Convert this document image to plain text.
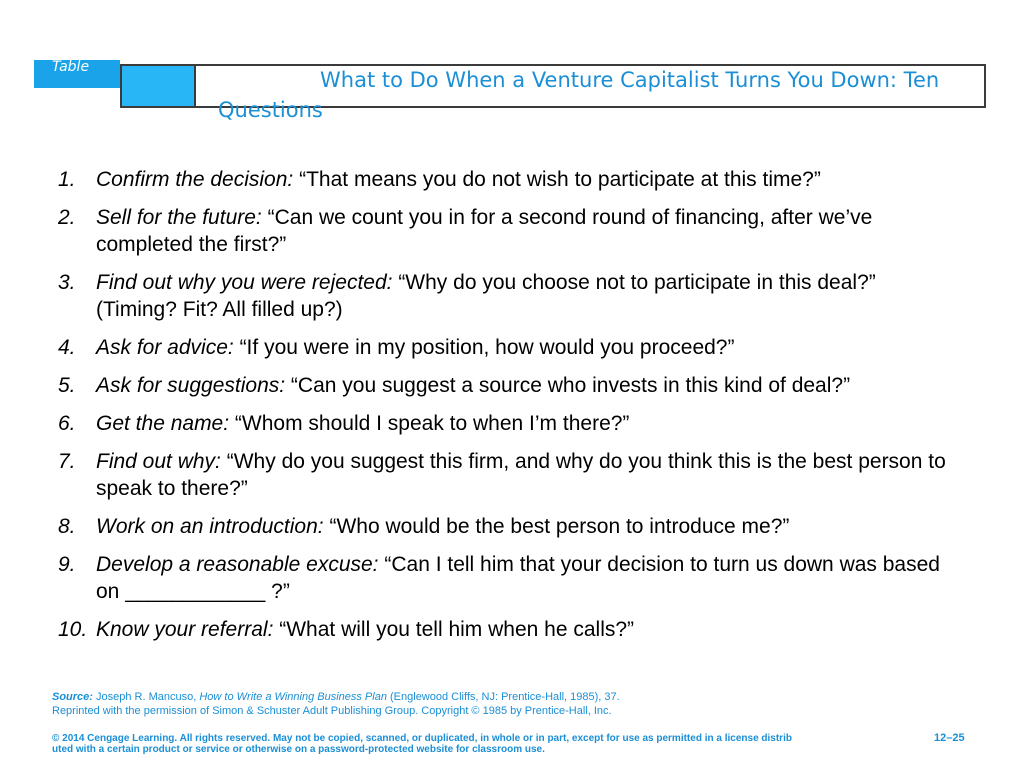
Table
What to Do When a Venture Capitalist Turns You Down: Ten Questions
1. Confirm the decision: “That means you do not wish to participate at this time?”
2. Sell for the future: “Can we count you in for a second round of financing, after we’ve completed the first?”
3. Find out why you were rejected: “Why do you choose not to participate in this deal?” (Timing? Fit? All filled up?)
4. Ask for advice: “If you were in my position, how would you proceed?”
5. Ask for suggestions: “Can you suggest a source who invests in this kind of deal?”
6. Get the name: “Whom should I speak to when I’m there?”
7. Find out why: “Why do you suggest this firm, and why do you think this is the best person to speak to there?”
8. Work on an introduction: “Who would be the best person to introduce me?”
9. Develop a reasonable excuse: “Can I tell him that your decision to turn us down was based on ____________ ?”
10. Know your referral: “What will you tell him when he calls?”
Source: Joseph R. Mancuso, How to Write a Winning Business Plan (Englewood Cliffs, NJ: Prentice-Hall, 1985), 37.
Reprinted with the permission of Simon & Schuster Adult Publishing Group. Copyright © 1985 by Prentice-Hall, Inc.
© 2014 Cengage Learning. All rights reserved. May not be copied, scanned, or duplicated, in whole or in part, except for use as permitted in a license distributed with a certain product or service or otherwise on a password-protected website for classroom use.
12–25
